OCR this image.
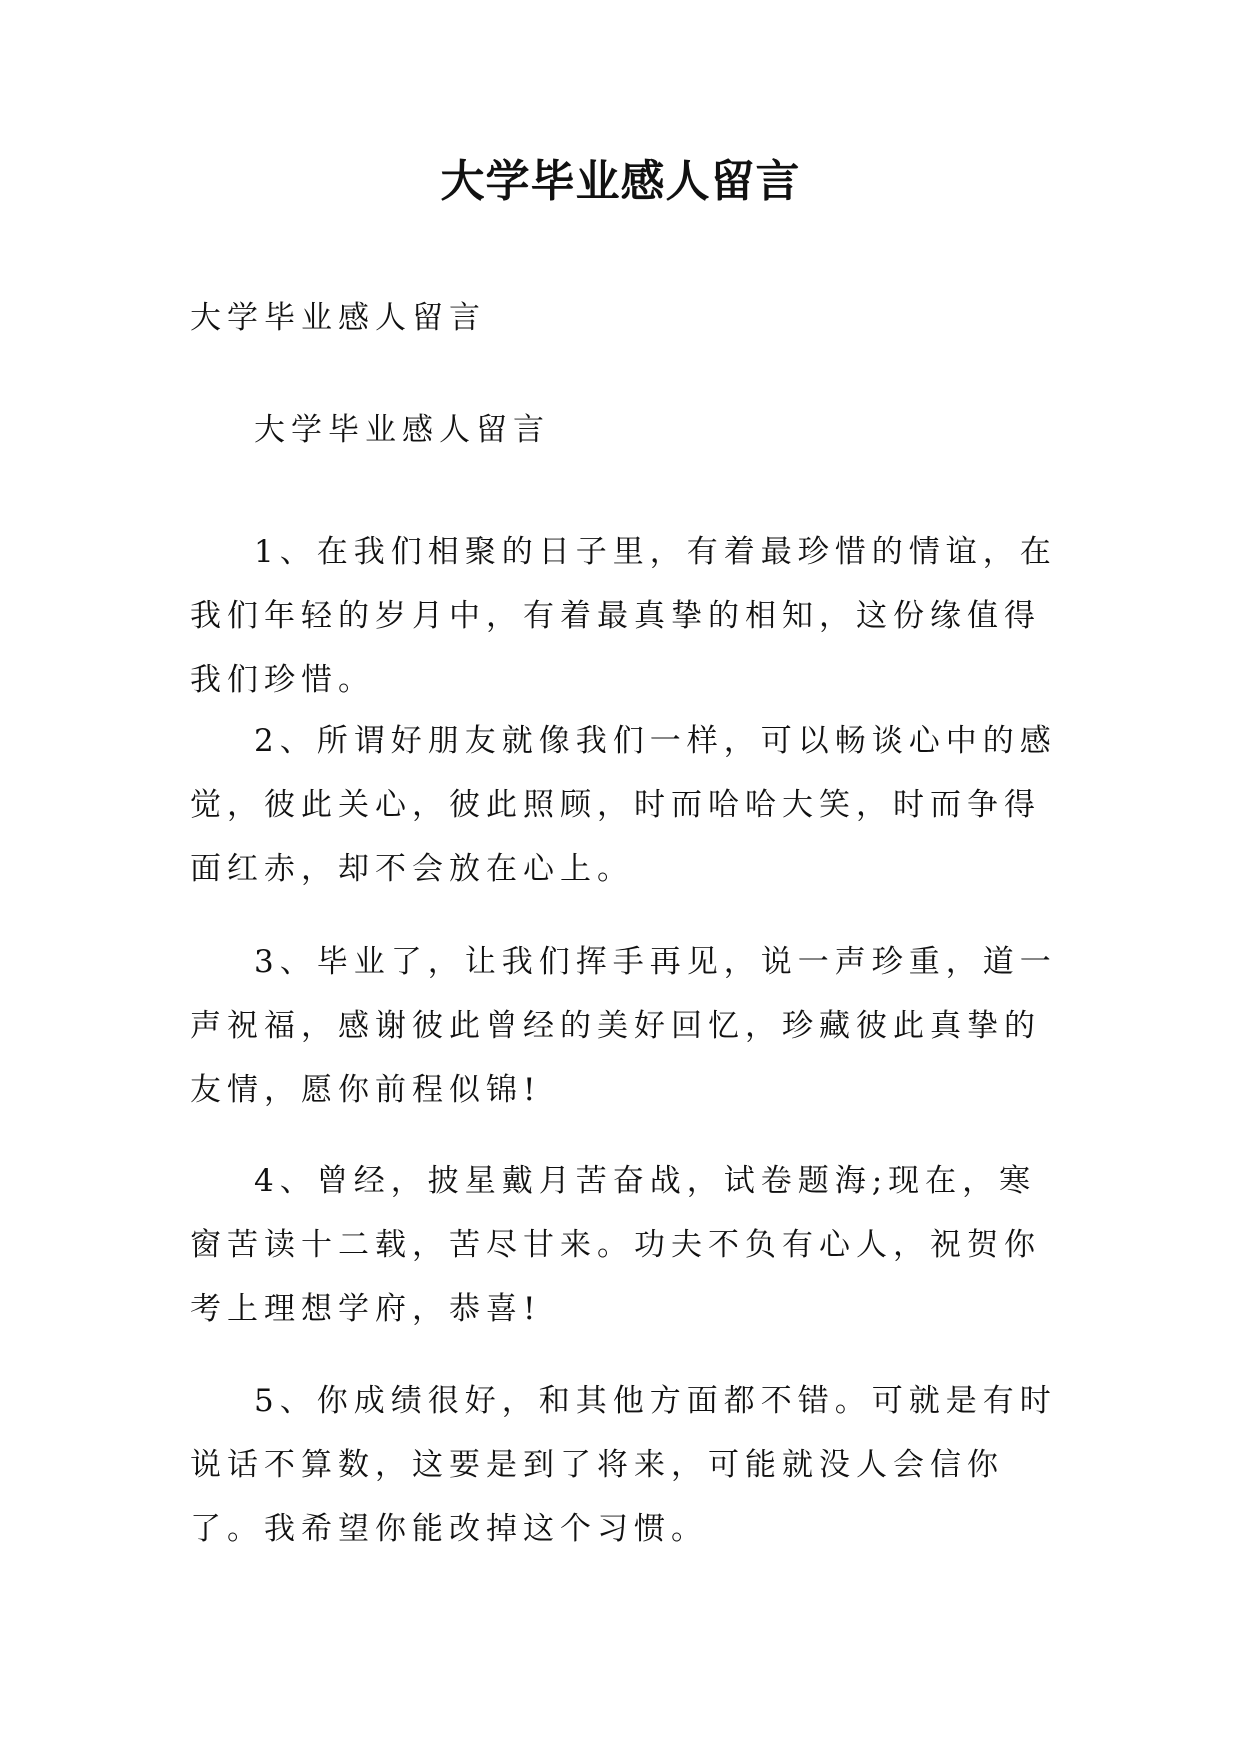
大学毕业感人留言
大学毕业感人留言
大学毕业感人留言
1、在我们相聚的日子里，有着最珍惜的情谊，在我们年轻的岁月中，有着最真挚的相知，这份缘值得我们珍惜。
2、所谓好朋友就像我们一样，可以畅谈心中的感觉，彼此关心，彼此照顾，时而哈哈大笑，时而争得面红赤，却不会放在心上。
3、毕业了，让我们挥手再见，说一声珍重，道一声祝福，感谢彼此曾经的美好回忆，珍藏彼此真挚的友情，愿你前程似锦!
4、曾经，披星戴月苦奋战，试卷题海;现在，寒窗苦读十二载，苦尽甘来。功夫不负有心人，祝贺你考上理想学府，恭喜!
5、你成绩很好，和其他方面都不错。可就是有时说话不算数，这要是到了将来，可能就没人会信你了。我希望你能改掉这个习惯。
